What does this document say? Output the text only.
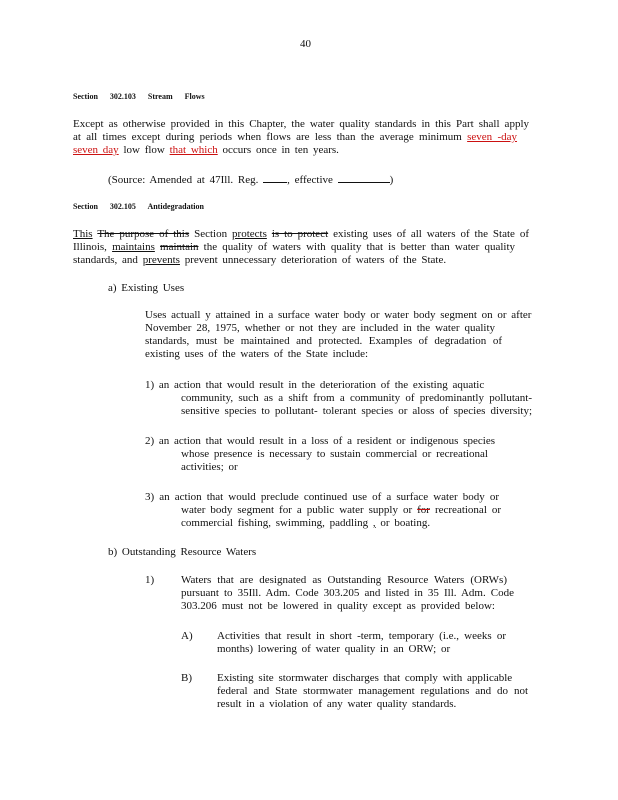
40
Section 302.103 Stream Flows
Except as otherwise provided in this Chapter, the water quality standards in this Part shall apply
at all times except during periods when flows are less than the average minimum seven -day
seven day low flow that which occurs once in ten years.
(Source: Amended at 47Ill. Reg.	, effective	)
Section 302.105 Antidegradation
This The purpose of this Section protects is to protect existing uses of all waters of the State of
Illinois, maintains maintain the quality of waters with quality that is better than water quality
standards, and prevents prevent unnecessary deterioration of waters of the State.
a) Existing Uses
Uses actuall y attained in a surface water body or water body segment on or after
November 28, 1975, whether or not they are included in the water quality
standards, must be maintained and protected. Examples of degradation of
existing uses of the waters of the State include:
1) an action that would result in the deterioration of the existing aquatic
community, such as a shift from a community of predominantly pollutant-
sensitive species to pollutant- tolerant species or aloss of species diversity;
2) an action that would result in a loss of a resident or indigenous species
whose presence is necessary to sustain commercial or recreational
activities; or
3) an action that would preclude continued use of a surface water body or
water body segment for a public water supply or for recreational or
commercial fishing, swimming, paddling , or boating.
b) Outstanding Resource Waters
1) Waters that are designated as Outstanding Resource Waters (ORWs)
pursuant to 35Ill. Adm. Code 303.205 and listed in 35 Ill. Adm. Code
303.206 must not be lowered in quality except as provided below:
A) Activities that result in short -term, temporary (i.e., weeks or
months) lowering of water quality in an ORW; or
B) Existing site stormwater discharges that comply with applicable
federal and State stormwater management regulations and do not
result in a violation of any water quality standards.
